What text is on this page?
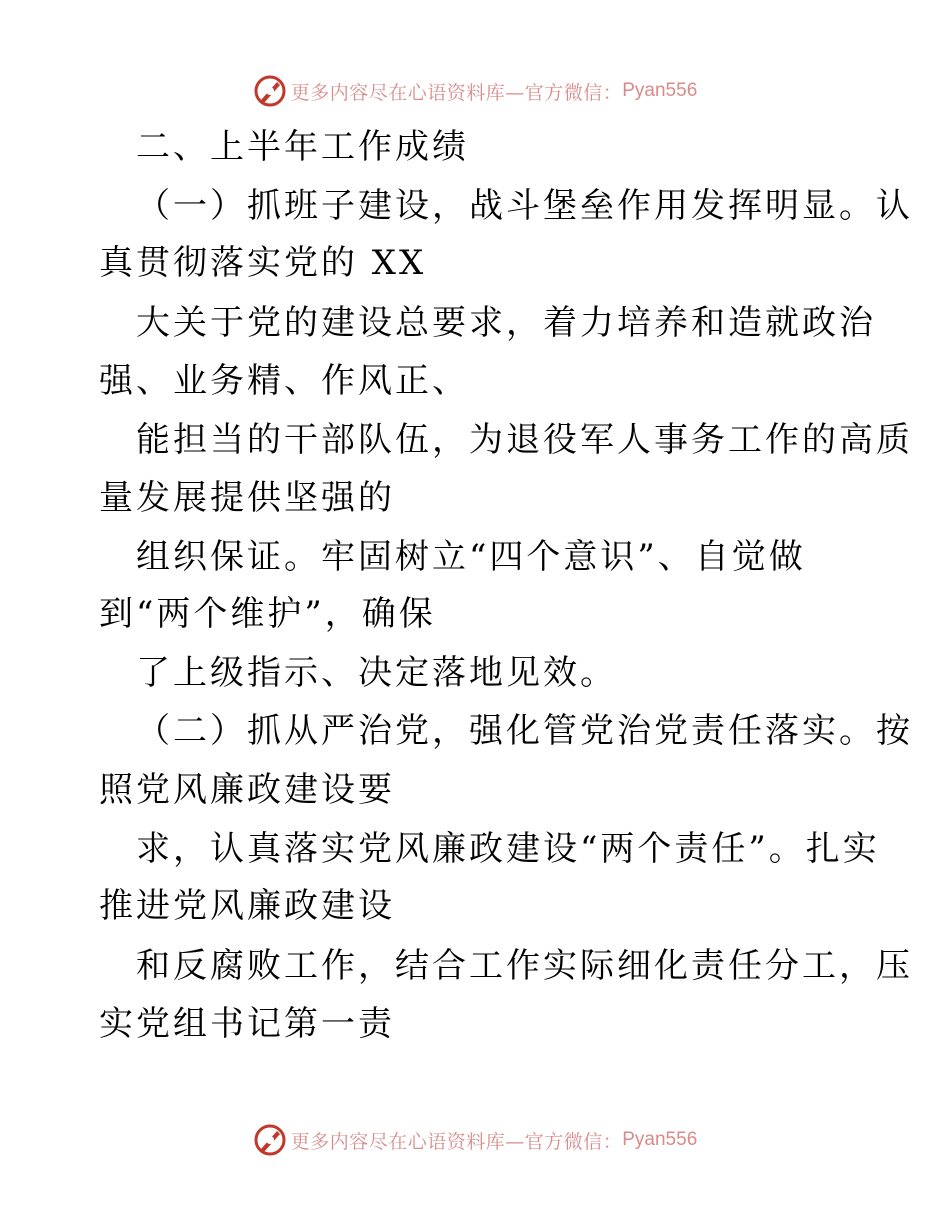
更多内容尽在心语资料库—官方微信： Pyan556
二、上半年工作成绩
（一）抓班子建设，战斗堡垒作用发挥明显。认
真贯彻落实党的 XX
大关于党的建设总要求，着力培养和造就政治
强、业务精、作风正、
能担当的干部队伍，为退役军人事务工作的高质
量发展提供坚强的
组织保证。牢固树立“四个意识”、自觉做
到“两个维护”，确保
了上级指示、决定落地见效。
（二）抓从严治党，强化管党治党责任落实。按
照党风廉政建设要
求，认真落实党风廉政建设“两个责任”。扎实
推进党风廉政建设
和反腐败工作，结合工作实际细化责任分工，压
实党组书记第一责
更多内容尽在心语资料库—官方微信： Pyan556
